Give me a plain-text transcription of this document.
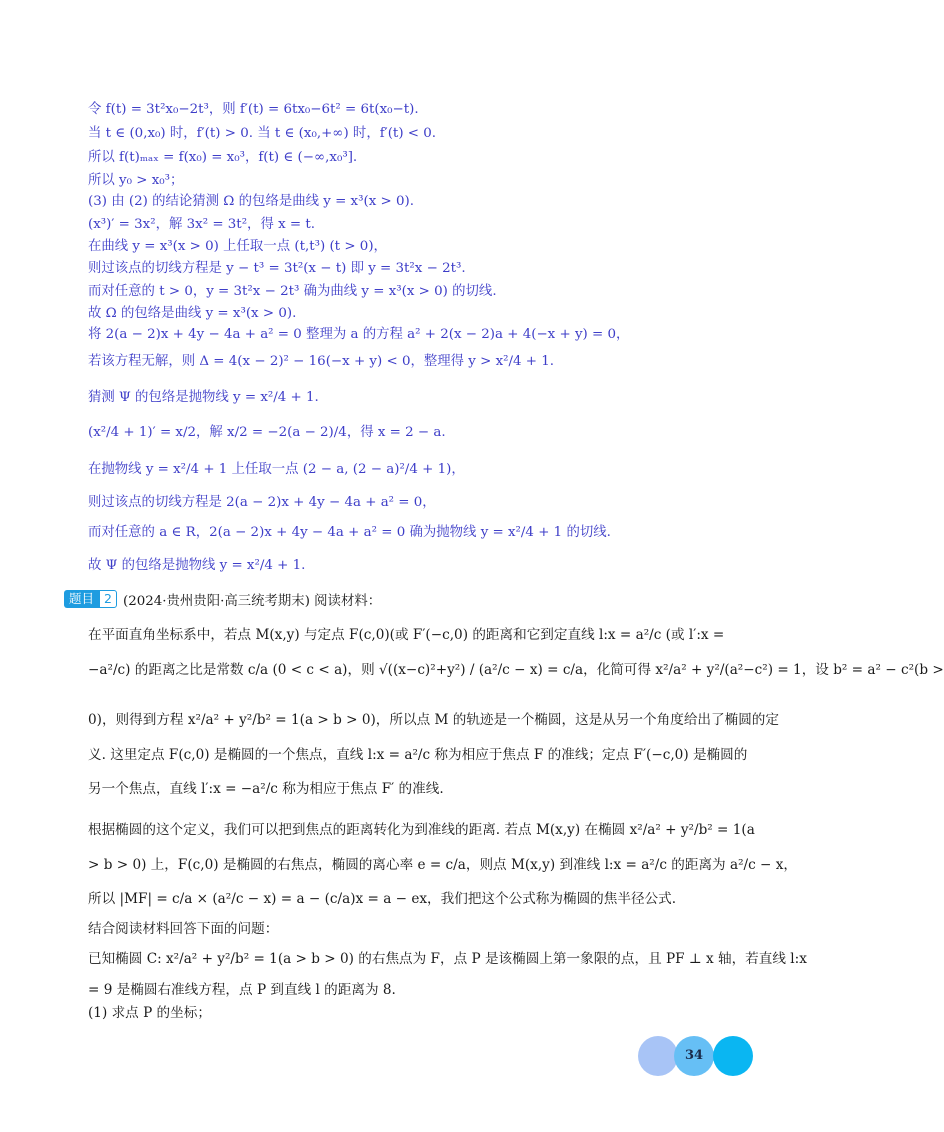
令 f(t) = 3t²x₀−2t³，则 f′(t) = 6tx₀−6t² = 6t(x₀−t).
当 t ∈ (0,x₀) 时，f′(t) > 0. 当 t ∈ (x₀,+∞) 时，f′(t) < 0.
所以 f(t)ₘₐₓ = f(x₀) = x₀³，f(t) ∈ (−∞,x₀³].
所以 y₀ > x₀³；
(3) 由 (2) 的结论猜测 Ω 的包络是曲线 y = x³(x > 0).
(x³)′ = 3x²，解 3x² = 3t²，得 x = t.
在曲线 y = x³(x > 0) 上任取一点 (t,t³) (t > 0)，
则过该点的切线方程是 y − t³ = 3t²(x − t) 即 y = 3t²x − 2t³.
而对任意的 t > 0，y = 3t²x − 2t³ 确为曲线 y = x³(x > 0) 的切线.
故 Ω 的包络是曲线 y = x³(x > 0).
将 2(a − 2)x + 4y − 4a + a² = 0 整理为 a 的方程 a² + 2(x − 2)a + 4(−x + y) = 0，
若该方程无解，则 Δ = 4(x − 2)² − 16(−x + y) < 0，整理得 y > x²/4 + 1.
猜测 Ψ 的包络是抛物线 y = x²/4 + 1.
(x²/4 + 1)′ = x/2，解 x/2 = −2(a − 2)/4，得 x = 2 − a.
在抛物线 y = x²/4 + 1 上任取一点 (2 − a, (2 − a)²/4 + 1)，
则过该点的切线方程是 2(a − 2)x + 4y − 4a + a² = 0，
而对任意的 a ∈ R，2(a − 2)x + 4y − 4a + a² = 0 确为抛物线 y = x²/4 + 1 的切线.
故 Ψ 的包络是抛物线 y = x²/4 + 1.
题目 2 (2024·贵州贵阳·高三统考期末) 阅读材料：
在平面直角坐标系中，若点 M(x,y) 与定点 F(c,0)(或 F′(−c,0) 的距离和它到定直线 l:x = a²/c (或 l′:x =
−a²/c) 的距离之比是常数 c/a (0 < c < a)，则 √((x−c)²+y²) / (a²/c − x) = c/a，化简可得 x²/a² + y²/(a²−c²) = 1，设 b² = a² − c²(b >
0)，则得到方程 x²/a² + y²/b² = 1(a > b > 0)，所以点 M 的轨迹是一个椭圆，这是从另一个角度给出了椭圆的定
义. 这里定点 F(c,0) 是椭圆的一个焦点，直线 l:x = a²/c 称为相应于焦点 F 的准线；定点 F′(−c,0) 是椭圆的
另一个焦点，直线 l′:x = −a²/c 称为相应于焦点 F′ 的准线.
根据椭圆的这个定义，我们可以把到焦点的距离转化为到准线的距离. 若点 M(x,y) 在椭圆 x²/a² + y²/b² = 1(a
> b > 0) 上，F(c,0) 是椭圆的右焦点，椭圆的离心率 e = c/a，则点 M(x,y) 到准线 l:x = a²/c 的距离为 a²/c − x，
所以 |MF| = c/a × (a²/c − x) = a − (c/a)x = a − ex，我们把这个公式称为椭圆的焦半径公式.
结合阅读材料回答下面的问题：
已知椭圆 C: x²/a² + y²/b² = 1(a > b > 0) 的右焦点为 F，点 P 是该椭圆上第一象限的点，且 PF ⊥ x 轴，若直线 l:x
= 9 是椭圆右准线方程，点 P 到直线 l 的距离为 8.
(1) 求点 P 的坐标；
34
